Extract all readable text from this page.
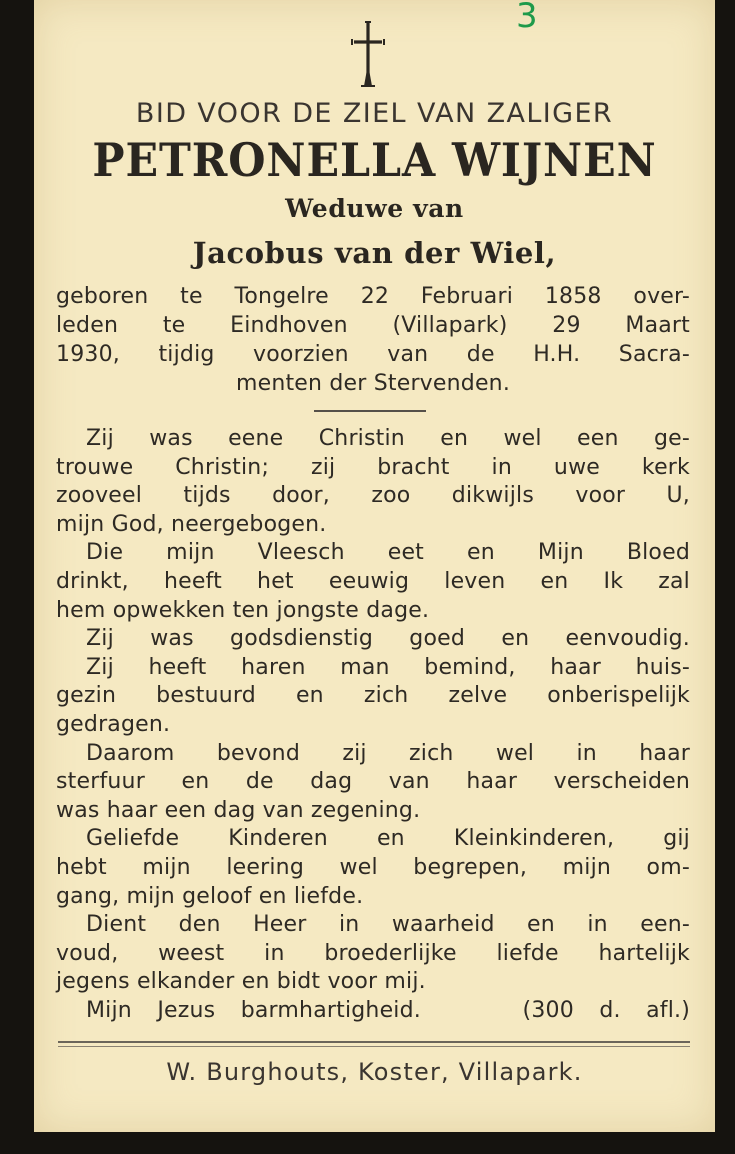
3
BID VOOR DE ZIEL VAN ZALIGER
PETRONELLA WIJNEN
Weduwe van
Jacobus van der Wiel,
geboren te Tongelre 22 Februari 1858 over-
leden te Eindhoven (Villapark) 29 Maart
1930, tijdig voorzien van de H.H. Sacra-
menten der Stervenden.
Zij was eene Christin en wel een ge-
trouwe Christin; zij bracht in uwe kerk
zooveel tijds door, zoo dikwijls voor U,
mijn God, neergebogen.
Die mijn Vleesch eet en Mijn Bloed
drinkt, heeft het eeuwig leven en Ik zal
hem opwekken ten jongste dage.
Zij was godsdienstig goed en eenvoudig.
Zij heeft haren man bemind, haar huis-
gezin bestuurd en zich zelve onberispelijk
gedragen.
Daarom bevond zij zich wel in haar
sterfuur en de dag van haar verscheiden
was haar een dag van zegening.
Geliefde Kinderen en Kleinkinderen, gij
hebt mijn leering wel begrepen, mijn om-
gang, mijn geloof en liefde.
Dient den Heer in waarheid en in een-
voud, weest in broederlijke liefde hartelijk
jegens elkander en bidt voor mij.
Mijn Jezus barmhartigheid.    (300 d. afl.)
W. Burghouts, Koster, Villapark.
